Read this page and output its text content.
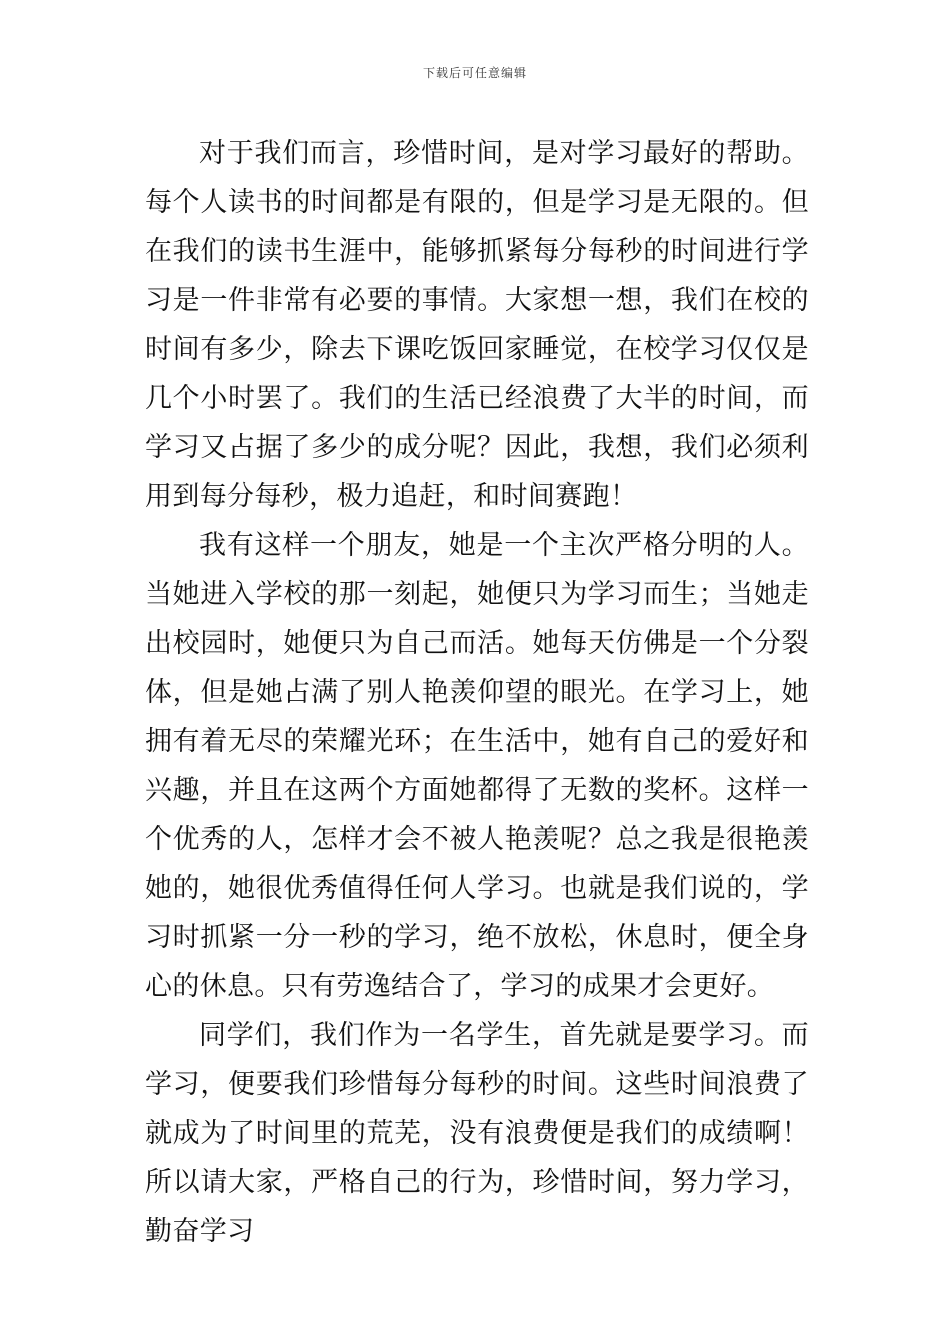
下载后可任意编辑

对于我们而言，珍惜时间，是对学习最好的帮助。每个人读书的时间都是有限的，但是学习是无限的。但在我们的读书生涯中，能够抓紧每分每秒的时间进行学习是一件非常有必要的事情。大家想一想，我们在校的时间有多少，除去下课吃饭回家睡觉，在校学习仅仅是几个小时罢了。我们的生活已经浪费了大半的时间，而学习又占据了多少的成分呢？因此，我想，我们必须利用到每分每秒，极力追赶，和时间赛跑！

我有这样一个朋友，她是一个主次严格分明的人。当她进入学校的那一刻起，她便只为学习而生；当她走出校园时，她便只为自己而活。她每天仿佛是一个分裂体，但是她占满了别人艳羡仰望的眼光。在学习上，她拥有着无尽的荣耀光环；在生活中，她有自己的爱好和兴趣，并且在这两个方面她都得了无数的奖杯。这样一个优秀的人，怎样才会不被人艳羡呢？总之我是很艳羡她的，她很优秀值得任何人学习。也就是我们说的，学习时抓紧一分一秒的学习，绝不放松，休息时，便全身心的休息。只有劳逸结合了，学习的成果才会更好。

同学们，我们作为一名学生，首先就是要学习。而学习，便要我们珍惜每分每秒的时间。这些时间浪费了就成为了时间里的荒芜，没有浪费便是我们的成绩啊！所以请大家，严格自己的行为，珍惜时间，努力学习，勤奋学习
